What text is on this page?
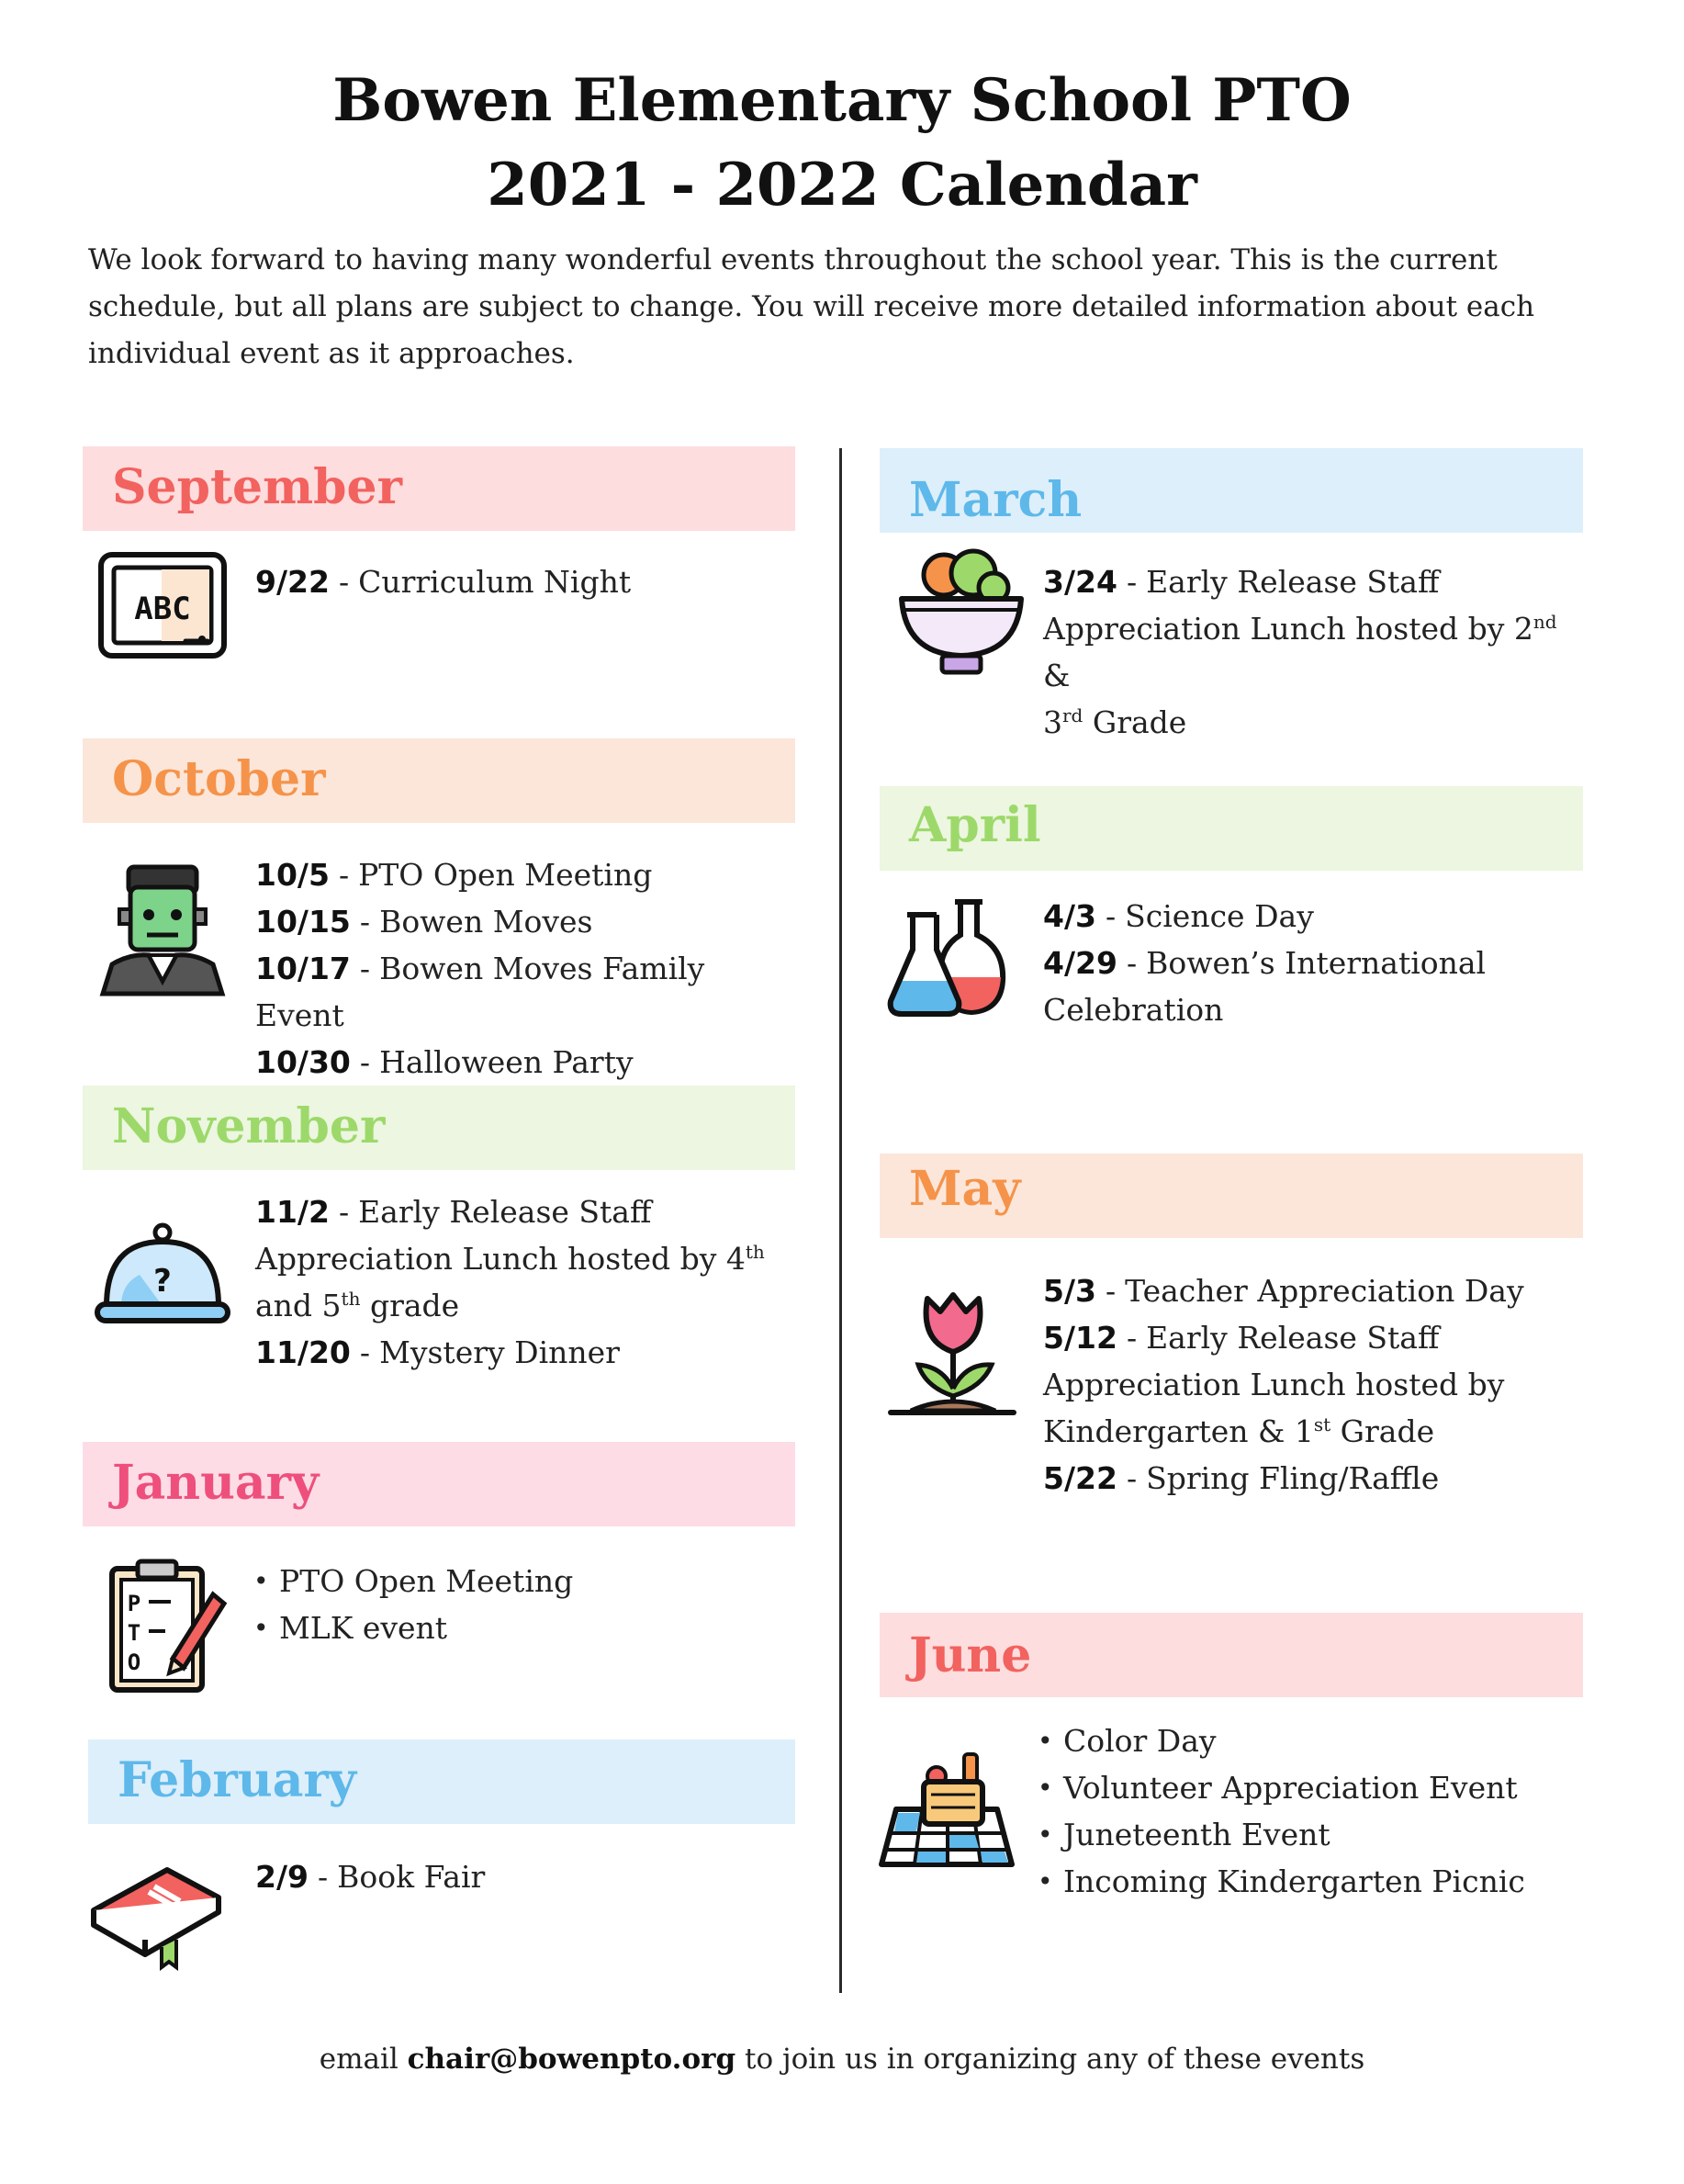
Bowen Elementary School PTO
2021 - 2022 Calendar
We look forward to having many wonderful events throughout the school year. This is the current schedule, but all plans are subject to change. You will receive more detailed information about each individual event as it approaches.
September
ABC
9/22 - Curriculum Night
October
10/5 - PTO Open Meeting
10/15 - Bowen Moves
10/17 - Bowen Moves Family Event
10/30 - Halloween Party
November
?
11/2 - Early Release Staff
Appreciation Lunch hosted by 4th
and 5th grade
11/20 - Mystery Dinner
January
P
T
O
• PTO Open Meeting
• MLK event
February
2/9 - Book Fair
March
3/24 - Early Release Staff
Appreciation Lunch hosted by 2nd &
3rd Grade
April
4/3 - Science Day
4/29 - Bowen’s International
Celebration
May
5/3 - Teacher Appreciation Day
5/12 - Early Release Staff
Appreciation Lunch hosted by
Kindergarten & 1st Grade
5/22 - Spring Fling/Raffle
June
• Color Day
• Volunteer Appreciation Event
• Juneteenth Event
• Incoming Kindergarten Picnic
email chair@bowenpto.org to join us in organizing any of these events
